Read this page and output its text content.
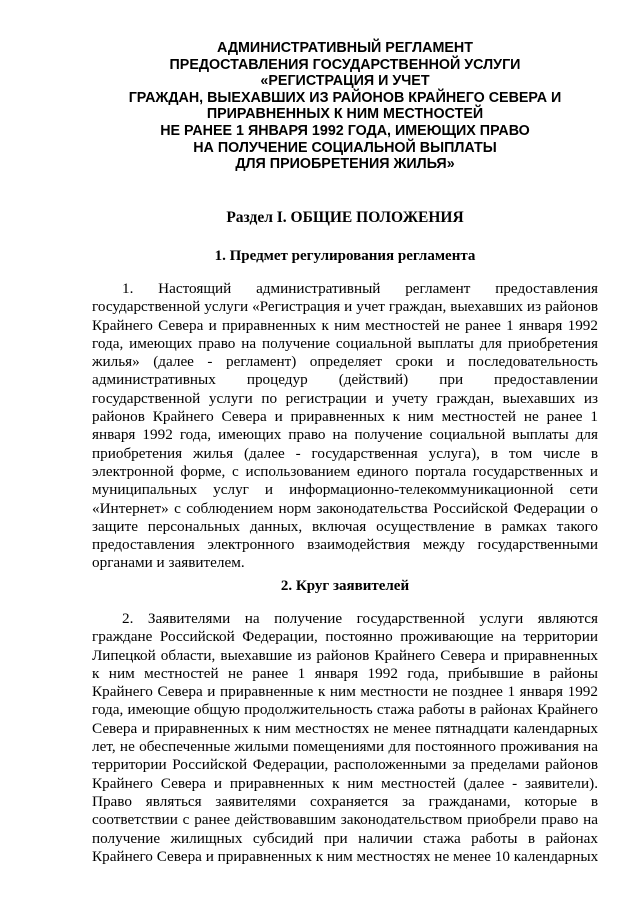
АДМИНИСТРАТИВНЫЙ РЕГЛАМЕНТ
ПРЕДОСТАВЛЕНИЯ ГОСУДАРСТВЕННОЙ УСЛУГИ
«РЕГИСТРАЦИЯ И УЧЕТ
ГРАЖДАН, ВЫЕХАВШИХ ИЗ РАЙОНОВ КРАЙНЕГО СЕВЕРА И
ПРИРАВНЕННЫХ К НИМ МЕСТНОСТЕЙ
НЕ РАНЕЕ 1 ЯНВАРЯ 1992 ГОДА, ИМЕЮЩИХ ПРАВО
НА ПОЛУЧЕНИЕ СОЦИАЛЬНОЙ ВЫПЛАТЫ
ДЛЯ ПРИОБРЕТЕНИЯ ЖИЛЬЯ»
Раздел I. ОБЩИЕ ПОЛОЖЕНИЯ
1. Предмет регулирования регламента
1. Настоящий административный регламент предоставления
государственной услуги «Регистрация и учет граждан, выехавших из районов
Крайнего Севера и приравненных к ним местностей не ранее 1 января 1992
года, имеющих право на получение социальной выплаты для приобретения
жилья» (далее - регламент) определяет сроки и последовательность
административных процедур (действий) при предоставлении
государственной услуги по регистрации и учету граждан, выехавших из
районов Крайнего Севера и приравненных к ним местностей не ранее 1
января 1992 года, имеющих право на получение социальной выплаты для
приобретения жилья (далее - государственная услуга), в том числе в
электронной форме, с использованием единого портала государственных и
муниципальных услуг и информационно-телекоммуникационной сети
«Интернет» с соблюдением норм законодательства Российской Федерации о
защите персональных данных, включая осуществление в рамках такого
предоставления электронного взаимодействия между государственными
органами и заявителем.
2. Круг заявителей
2. Заявителями на получение государственной услуги являются
граждане Российской Федерации, постоянно проживающие на территории
Липецкой области, выехавшие из районов Крайнего Севера и приравненных
к ним местностей не ранее 1 января 1992 года, прибывшие в районы
Крайнего Севера и приравненные к ним местности не позднее 1 января 1992
года, имеющие общую продолжительность стажа работы в районах Крайнего
Севера и приравненных к ним местностях не менее пятнадцати календарных
лет, не обеспеченные жилыми помещениями для постоянного проживания на
территории Российской Федерации, расположенными за пределами районов
Крайнего Севера и приравненных к ним местностей (далее - заявители).
Право являться заявителями сохраняется за гражданами, которые в
соответствии с ранее действовавшим законодательством приобрели право на
получение жилищных субсидий при наличии стажа работы в районах
Крайнего Севера и приравненных к ним местностях не менее 10 календарных
